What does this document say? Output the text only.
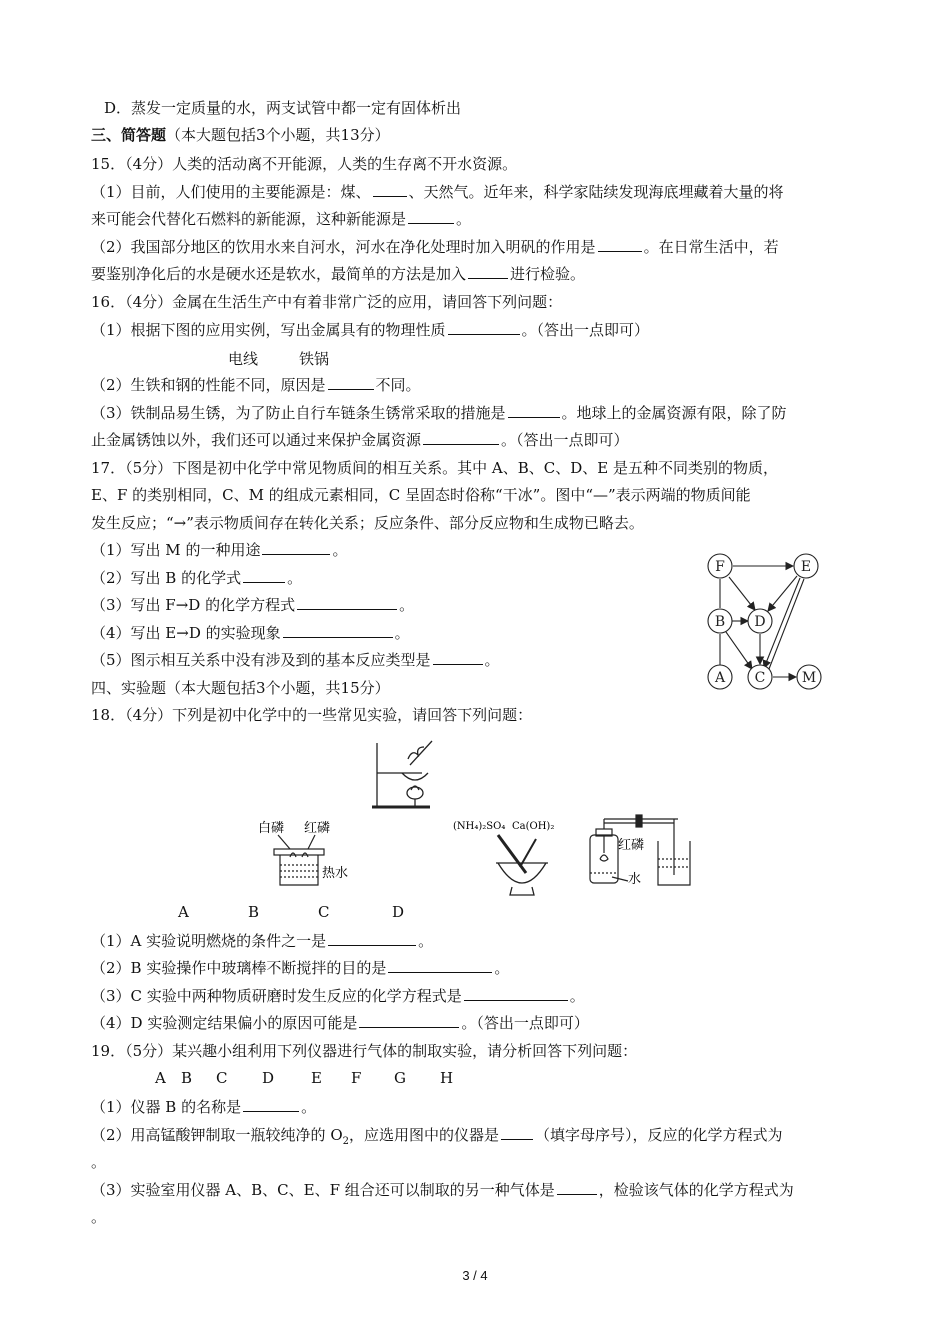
D．蒸发一定质量的水，两支试管中都一定有固体析出
三、简答题（本大题包括3个小题，共13分）
15．（4分）人类的活动离不开能源，人类的生存离不开水资源。
（1）目前，人们使用的主要能源是：煤、	、天然气。近年来，科学家陆续发现海底埋藏着大量的将
来可能会代替化石燃料的新能源，这种新能源是	。
（2）我国部分地区的饮用水来自河水，河水在净化处理时加入明矾的作用是	。在日常生活中，若
要鉴别净化后的水是硬水还是软水，最简单的方法是加入	进行检验。
16．（4分）金属在生活生产中有着非常广泛的应用，请回答下列问题：
（1）根据下图的应用实例，写出金属具有的物理性质	。（答出一点即可）
电线	铁锅
（2）生铁和钢的性能不同，原因是	不同。
（3）铁制品易生锈，为了防止自行车链条生锈常采取的措施是	。地球上的金属资源有限，除了防
止金属锈蚀以外，我们还可以通过来保护金属资源	。（答出一点即可）
17．（5分）下图是初中化学中常见物质间的相互关系。其中 A、B、C、D、E 是五种不同类别的物质，
E、F 的类别相同，C、M 的组成元素相同，C 呈固态时俗称“干冰”。图中“—”表示两端的物质间能
发生反应；“→”表示物质间存在转化关系；反应条件、部分反应物和生成物已略去。
（1）写出 M 的一种用途	。
（2）写出 B 的化学式	。
（3）写出 F→D 的化学方程式	。
（4）写出 E→D 的实验现象	。
（5）图示相互关系中没有涉及到的基本反应类型是	。
F	E
B D
A C	M
四、实验题（本大题包括3个小题，共15分）
18．（4分）下列是初中化学中的一些常见实验，请回答下列问题：
白磷 红磷
热水
(NH₄)₂SO₄ Ca(OH)₂
红磷
水
A	B	C	D
（1）A 实验说明燃烧的条件之一是	。
（2）B 实验操作中玻璃棒不断搅拌的目的是	。
（3）C 实验中两种物质研磨时发生反应的化学方程式是	。
（4）D 实验测定结果偏小的原因可能是	。（答出一点即可）
19．（5分）某兴趣小组利用下列仪器进行气体的制取实验，请分析回答下列问题：
A B C D E F G H
（1）仪器 B 的名称是	。
（2）用高锰酸钾制取一瓶较纯净的 $O_2$，应选用图中的仪器是 （填字母序号），反应的化学方程式为
。
（3）实验室用仪器 A、B、C、E、F 组合还可以制取的另一种气体是	，检验该气体的化学方程式为
。
3 / 4
